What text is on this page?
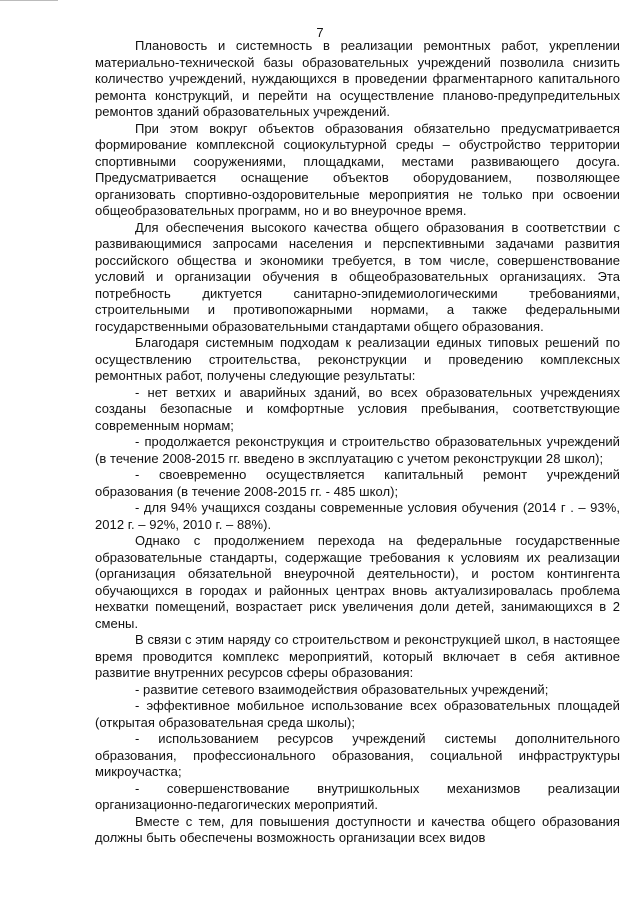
7

Плановость и системность в реализации ремонтных работ, укреплении материально-технической базы образовательных учреждений позволила снизить количество учреждений, нуждающихся в проведении фрагментарного капитального ремонта конструкций, и перейти на осуществление планово-предупредительных ремонтов зданий образовательных учреждений.

При этом вокруг объектов образования обязательно предусматривается формирование комплексной социокультурной среды – обустройство территории спортивными сооружениями, площадками, местами развивающего досуга. Предусматривается оснащение объектов оборудованием, позволяющее организовать спортивно-оздоровительные мероприятия не только при освоении общеобразовательных программ, но и во внеурочное время.

Для обеспечения высокого качества общего образования в соответствии с развивающимися запросами населения и перспективными задачами развития российского общества и экономики требуется, в том числе, совершенствование условий и организации обучения в общеобразовательных организациях. Эта потребность диктуется санитарно-эпидемиологическими требованиями, строительными и противопожарными нормами, а также федеральными государственными образовательными стандартами общего образования.

Благодаря системным подходам к реализации единых типовых решений по осуществлению строительства, реконструкции и проведению комплексных ремонтных работ, получены следующие результаты:

- нет ветхих и аварийных зданий, во всех образовательных учреждениях созданы безопасные и комфортные условия пребывания, соответствующие современным нормам;

- продолжается реконструкция и строительство образовательных учреждений (в течение 2008-2015 гг. введено в эксплуатацию с учетом реконструкции 28 школ);

- своевременно осуществляется капитальный ремонт учреждений образования (в течение 2008-2015 гг. - 485 школ);

- для 94% учащихся созданы современные условия обучения (2014 г . – 93%, 2012 г. – 92%, 2010 г. – 88%).

Однако с продолжением перехода на федеральные государственные образовательные стандарты, содержащие требования к условиям их реализации (организация обязательной внеурочной деятельности), и ростом контингента обучающихся в городах и районных центрах вновь актуализировалась проблема нехватки помещений, возрастает риск увеличения доли детей, занимающихся в 2 смены.

В связи с этим наряду со строительством и реконструкцией школ, в настоящее время проводится комплекс мероприятий, который включает в себя активное развитие внутренних ресурсов сферы образования:

- развитие сетевого взаимодействия образовательных учреждений;

- эффективное мобильное использование всех образовательных площадей (открытая образовательная среда школы);

- использованием ресурсов учреждений системы дополнительного образования, профессионального образования, социальной инфраструктуры микроучастка;

- совершенствование внутришкольных механизмов реализации организационно-педагогических мероприятий.

Вместе с тем, для повышения доступности и качества общего образования должны быть обеспечены возможность организации всех видов
